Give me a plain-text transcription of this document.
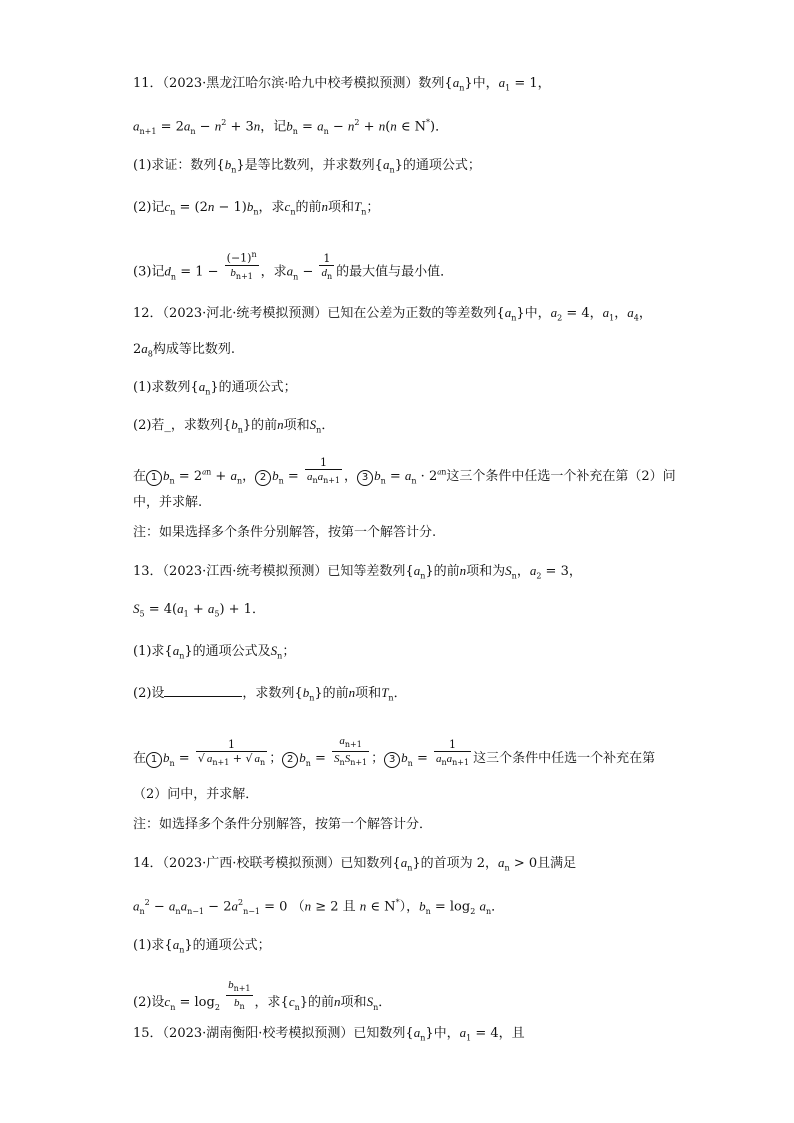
11．（2023·黑龙江哈尔滨·哈九中校考模拟预测）数列$\{a_n\}$中，$a_1 = 1$，
$a_{n+1} = 2a_n - n^2 + 3n$，记$b_n = a_n - n^2 + n(n$ ∈ N*)．
(1)求证：数列$\{b_n\}$是等比数列，并求数列$\{a_n\}$的通项公式；
(2)记$c_n = (2n - 1)b_n$，求$c_n$的前n项和$T_n$；
(3)记$d_n = 1 - \frac{(-1)^n}{b_{n+1}}$ ，求$a_n - \frac{1}{d_n}$ 的最大值与最小值．
12．（2023·河北·统考模拟预测）已知在公差为正数的等差数列$\{a_n\}$中，$a_2 = 4$，$a_1$，$a_4$，
$2a_8$构成等比数列.
(1)求数列$\{a_n\}$的通项公式；
(2)若_，求数列$\{b_n\}$的前n项和$S_n$．
在 1 $b_n = 2^{an} + a_n$， 2 $b_n = \frac{1}{a_na_{n+1}}$ ， 3 $b_n = a_n \cdot 2^{an}$这三个条件中任选一个补充在第（2）问
中，并求解.
注：如果选择多个条件分别解答，按第一个解答计分.
13．（2023·江西·统考模拟预测）已知等差数列$\{a_n\}$的前n项和为$S_n$，$a_2 = 3$，
$S_5 = 4(a_1 + a_5) + 1$．
(1)求$\{a_n\}$的通项公式及$S_n$；
(2)设	，求数列$\{b_n\}$的前n项和$T_n$．
在 1 $b_n = \frac{1}{√ a_{n+1} + √ a_n}$ ； 2 $b_n = \frac{a_{n+1}}{S_nS_{n+1}}$ ； 3 $b_n = \frac{1}{a_na_{n+1}}$ 这三个条件中任选一个补充在第
（2）问中，并求解．
注：如选择多个条件分别解答，按第一个解答计分．
14．（2023·广西·校联考模拟预测）已知数列$\{a_n\}$的首项为 2，$a_n > 0$且满足
$a_n^2 - a_na_{n-1} - 2a^2_{n-1} = 0$ （n ≥ 2 且 n ∈ N*），$b_n = \log_2 a_n$．
(1)求$\{a_n\}$的通项公式；
(2)设$c_n = \log_2 \frac{b_{n+1}}{b_n}$ ，求$\{c_n\}$的前n项和$S_n$．
15．（2023·湖南衡阳·校考模拟预测）已知数列$\{a_n\}$中，$a_1 = 4$，且
